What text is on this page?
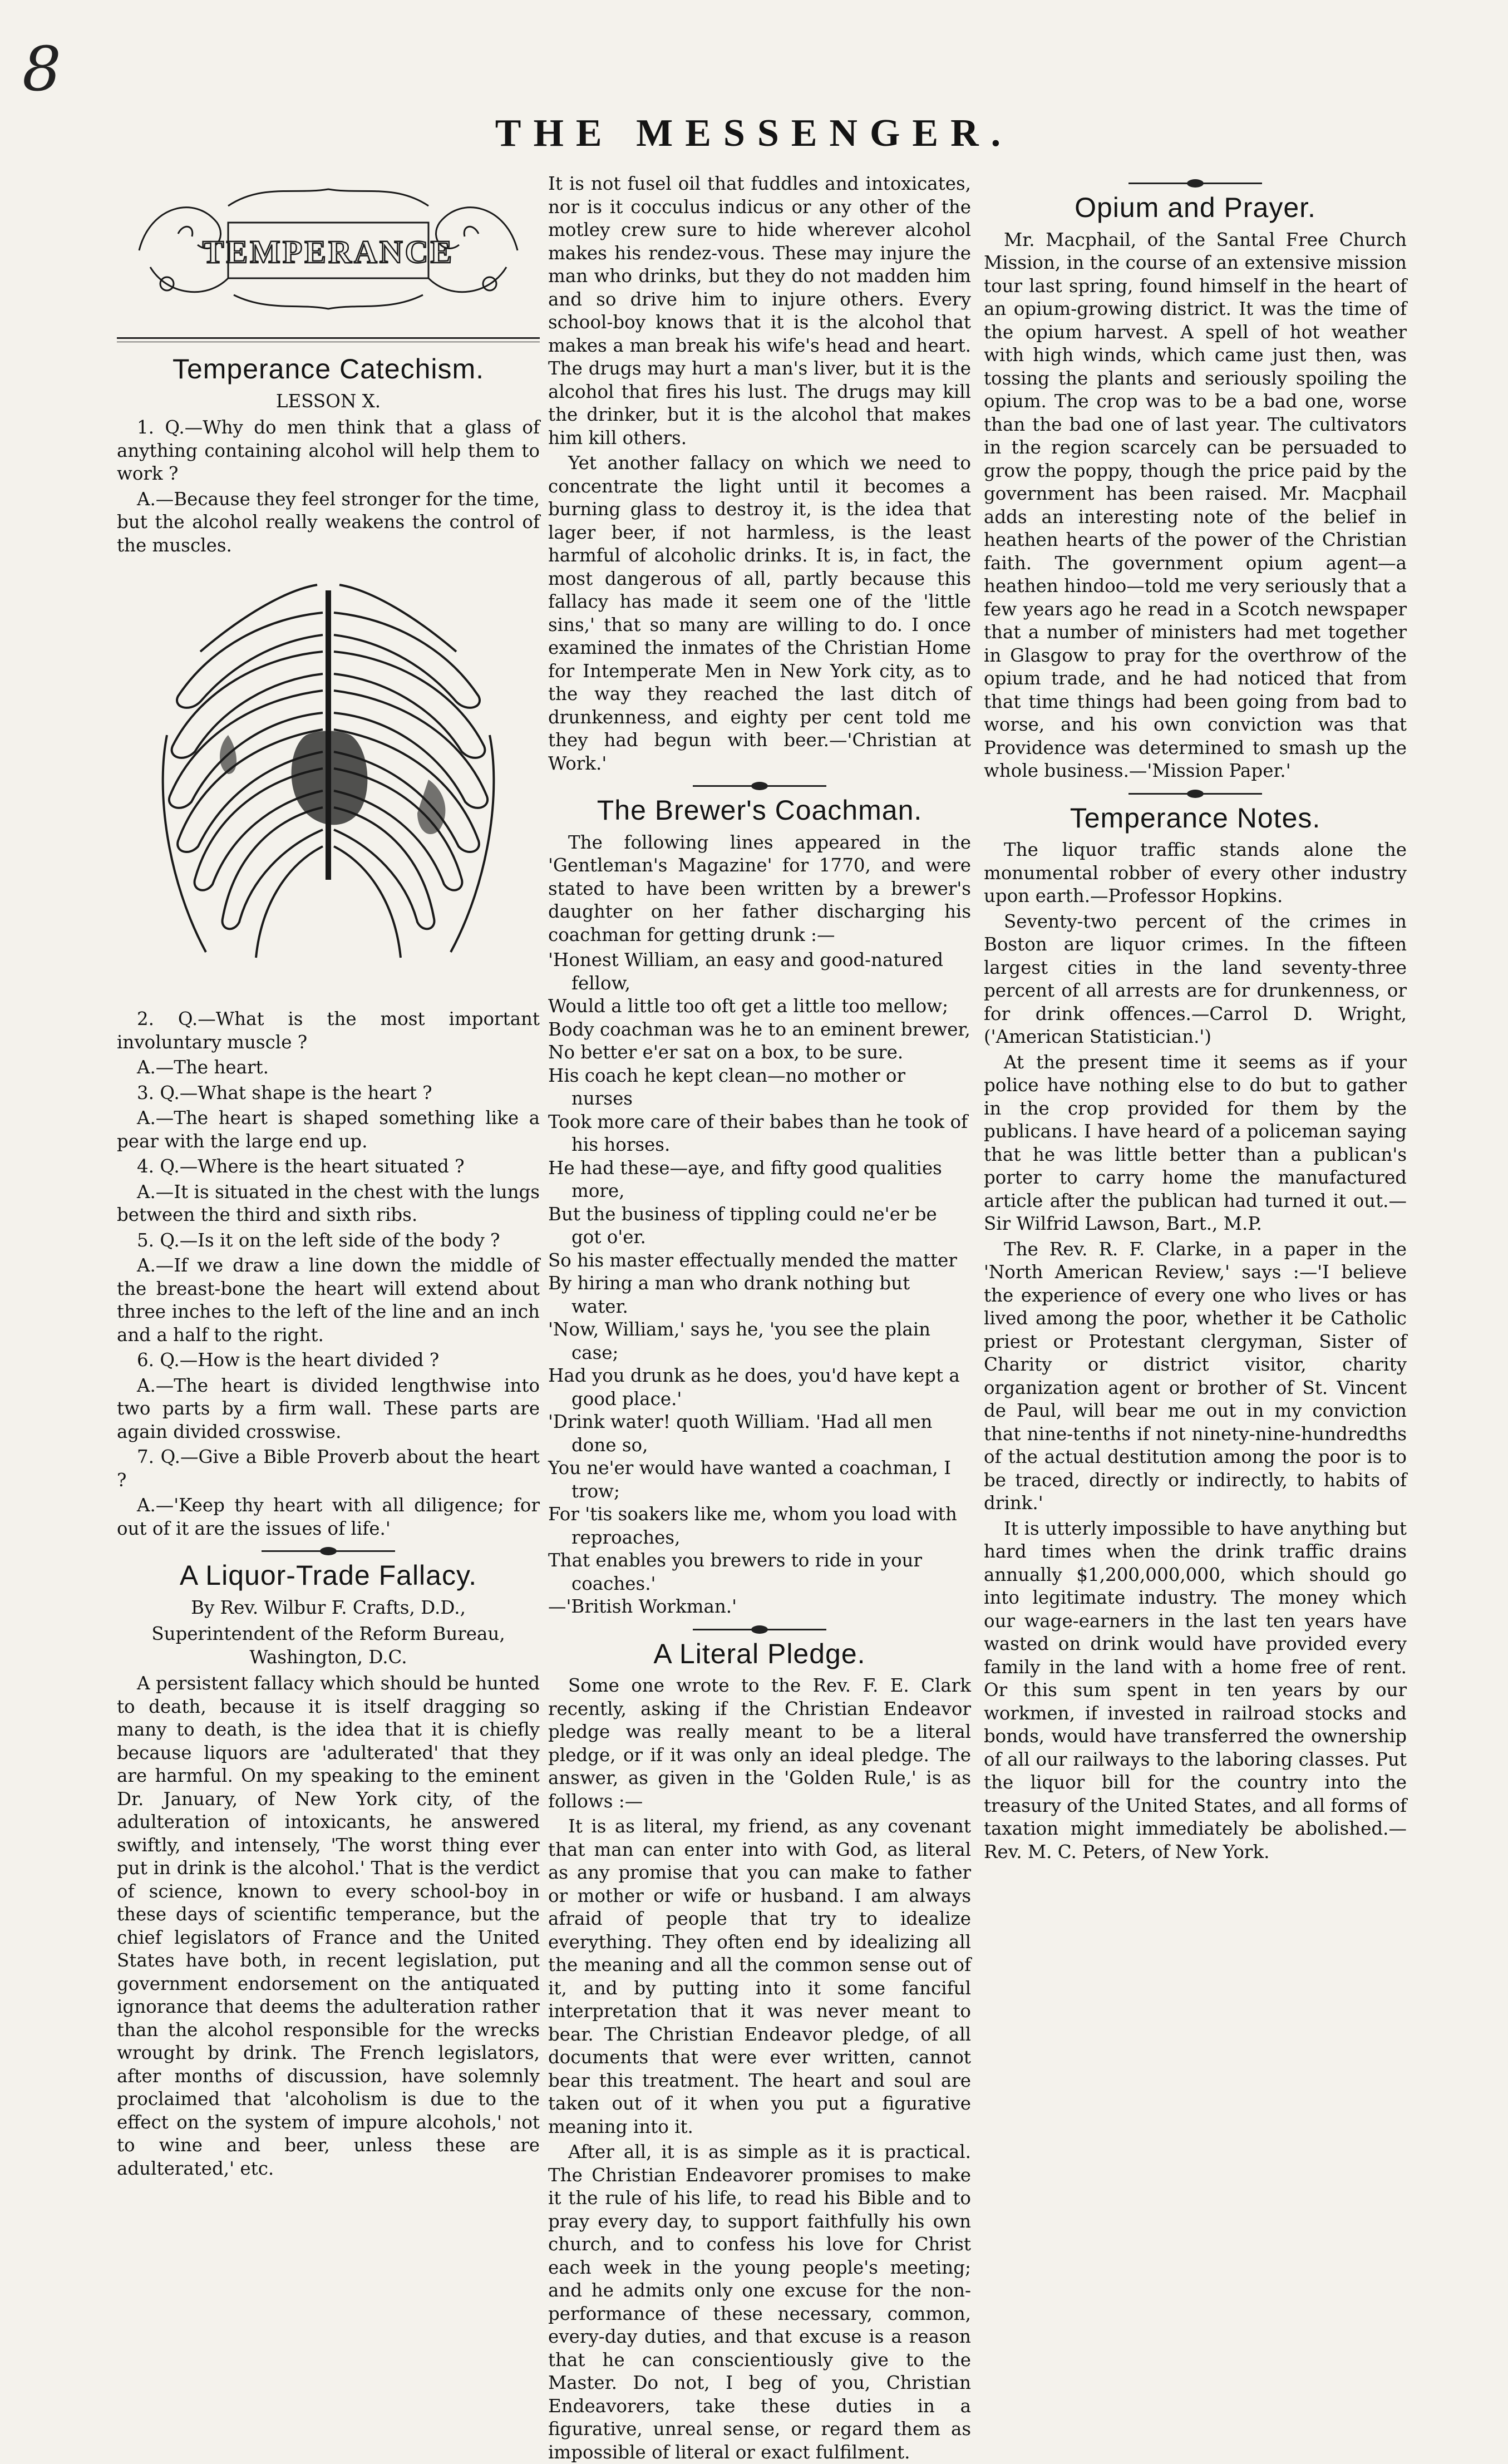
8
THE MESSENGER.
TEMPERANCE
Temperance Catechism.
LESSON X.

1. Q.—Why do men think that a glass of anything containing alcohol will help them to work ?

A.—Because they feel stronger for the time, but the alcohol really weakens the control of the muscles.

2. Q.—What is the most important involuntary muscle ?

A.—The heart.

3. Q.—What shape is the heart ?

A.—The heart is shaped something like a pear with the large end up.

4. Q.—Where is the heart situated ?

A.—It is situated in the chest with the lungs between the third and sixth ribs.

5. Q.—Is it on the left side of the body ?

A.—If we draw a line down the middle of the breast-bone the heart will extend about three inches to the left of the line and an inch and a half to the right.

6. Q.—How is the heart divided ?

A.—The heart is divided lengthwise into two parts by a firm wall. These parts are again divided crosswise.

7. Q.—Give a Bible Proverb about the heart ?

A.—'Keep thy heart with all diligence; for out of it are the issues of life.'

A Liquor-Trade Fallacy.
By Rev. Wilbur F. Crafts, D.D.,
Superintendent of the Reform Bureau, Washington, D.C.

A persistent fallacy which should be hunted to death, because it is itself dragging so many to death, is the idea that it is chiefly because liquors are 'adulterated' that they are harmful. On my speaking to the eminent Dr. January, of New York city, of the adulteration of intoxicants, he answered swiftly, and intensely, 'The worst thing ever put in drink is the alcohol.' That is the verdict of science, known to every school-boy in these days of scientific temperance, but the chief legislators of France and the United States have both, in recent legislation, put government endorsement on the antiquated ignorance that deems the adulteration rather than the alcohol responsible for the wrecks wrought by drink. The French legislators, after months of discussion, have solemnly proclaimed that 'alcoholism is due to the effect on the system of impure alcohols,' not to wine and beer, unless these are adulterated,' etc.

It is not fusel oil that fuddles and intoxicates, nor is it cocculus indicus or any other of the motley crew sure to hide wherever alcohol makes his rendez-vous. These may injure the man who drinks, but they do not madden him and so drive him to injure others. Every school-boy knows that it is the alcohol that makes a man break his wife's head and heart. The drugs may hurt a man's liver, but it is the alcohol that fires his lust. The drugs may kill the drinker, but it is the alcohol that makes him kill others.

Yet another fallacy on which we need to concentrate the light until it becomes a burning glass to destroy it, is the idea that lager beer, if not harmless, is the least harmful of alcoholic drinks. It is, in fact, the most dangerous of all, partly because this fallacy has made it seem one of the 'little sins,' that so many are willing to do. I once examined the inmates of the Christian Home for Intemperate Men in New York city, as to the way they reached the last ditch of drunkenness, and eighty per cent told me they had begun with beer.—'Christian at Work.'

The Brewer's Coachman.

The following lines appeared in the 'Gentleman's Magazine' for 1770, and were stated to have been written by a brewer's daughter on her father discharging his coachman for getting drunk :—

'Honest William, an easy and good-natured fellow,

Would a little too oft get a little too mellow;

Body coachman was he to an eminent brewer,

No better e'er sat on a box, to be sure.

His coach he kept clean—no mother or nurses

Took more care of their babes than he took of his horses.

He had these—aye, and fifty good qualities more,

But the business of tippling could ne'er be got o'er.

So his master effectually mended the matter

By hiring a man who drank nothing but water.

'Now, William,' says he, 'you see the plain case;

Had you drunk as he does, you'd have kept a good place.'

'Drink water! quoth William. 'Had all men done so,

You ne'er would have wanted a coachman, I trow;

For 'tis soakers like me, whom you load with reproaches,

That enables you brewers to ride in your coaches.'

—'British Workman.'

A Literal Pledge.

Some one wrote to the Rev. F. E. Clark recently, asking if the Christian Endeavor pledge was really meant to be a literal pledge, or if it was only an ideal pledge. The answer, as given in the 'Golden Rule,' is as follows :—

It is as literal, my friend, as any covenant that man can enter into with God, as literal as any promise that you can make to father or mother or wife or husband. I am always afraid of people that try to idealize everything. They often end by idealizing all the meaning and all the common sense out of it, and by putting into it some fanciful interpretation that it was never meant to bear. The Christian Endeavor pledge, of all documents that were ever written, cannot bear this treatment. The heart and soul are taken out of it when you put a figurative meaning into it.

After all, it is as simple as it is practical. The Christian Endeavorer promises to make it the rule of his life, to read his Bible and to pray every day, to support faithfully his own church, and to confess his love for Christ each week in the young people's meeting; and he admits only one excuse for the non-performance of these necessary, common, every-day duties, and that excuse is a reason that he can conscientiously give to the Master. Do not, I beg of you, Christian Endeavorers, take these duties in a figurative, unreal sense, or regard them as impossible of literal or exact fulfilment.

Opium and Prayer.

Mr. Macphail, of the Santal Free Church Mission, in the course of an extensive mission tour last spring, found himself in the heart of an opium-growing district. It was the time of the opium harvest. A spell of hot weather with high winds, which came just then, was tossing the plants and seriously spoiling the opium. The crop was to be a bad one, worse than the bad one of last year. The cultivators in the region scarcely can be persuaded to grow the poppy, though the price paid by the government has been raised. Mr. Macphail adds an interesting note of the belief in heathen hearts of the power of the Christian faith. The government opium agent—a heathen hindoo—told me very seriously that a few years ago he read in a Scotch newspaper that a number of ministers had met together in Glasgow to pray for the overthrow of the opium trade, and he had noticed that from that time things had been going from bad to worse, and his own conviction was that Providence was determined to smash up the whole business.—'Mission Paper.'

Temperance Notes.

The liquor traffic stands alone the monumental robber of every other industry upon earth.—Professor Hopkins.

Seventy-two percent of the crimes in Boston are liquor crimes. In the fifteen largest cities in the land seventy-three percent of all arrests are for drunkenness, or for drink offences.—Carrol D. Wright, ('American Statistician.')

At the present time it seems as if your police have nothing else to do but to gather in the crop provided for them by the publicans. I have heard of a policeman saying that he was little better than a publican's porter to carry home the manufactured article after the publican had turned it out.—Sir Wilfrid Lawson, Bart., M.P.

The Rev. R. F. Clarke, in a paper in the 'North American Review,' says :—'I believe the experience of every one who lives or has lived among the poor, whether it be Catholic priest or Protestant clergyman, Sister of Charity or district visitor, charity organization agent or brother of St. Vincent de Paul, will bear me out in my conviction that nine-tenths if not ninety-nine-hundredths of the actual destitution among the poor is to be traced, directly or indirectly, to habits of drink.'

It is utterly impossible to have anything but hard times when the drink traffic drains annually $1,200,000,000, which should go into legitimate industry. The money which our wage-earners in the last ten years have wasted on drink would have provided every family in the land with a home free of rent. Or this sum spent in ten years by our workmen, if invested in railroad stocks and bonds, would have transferred the ownership of all our railways to the laboring classes. Put the liquor bill for the country into the treasury of the United States, and all forms of taxation might immediately be abolished.—Rev. M. C. Peters, of New York.
